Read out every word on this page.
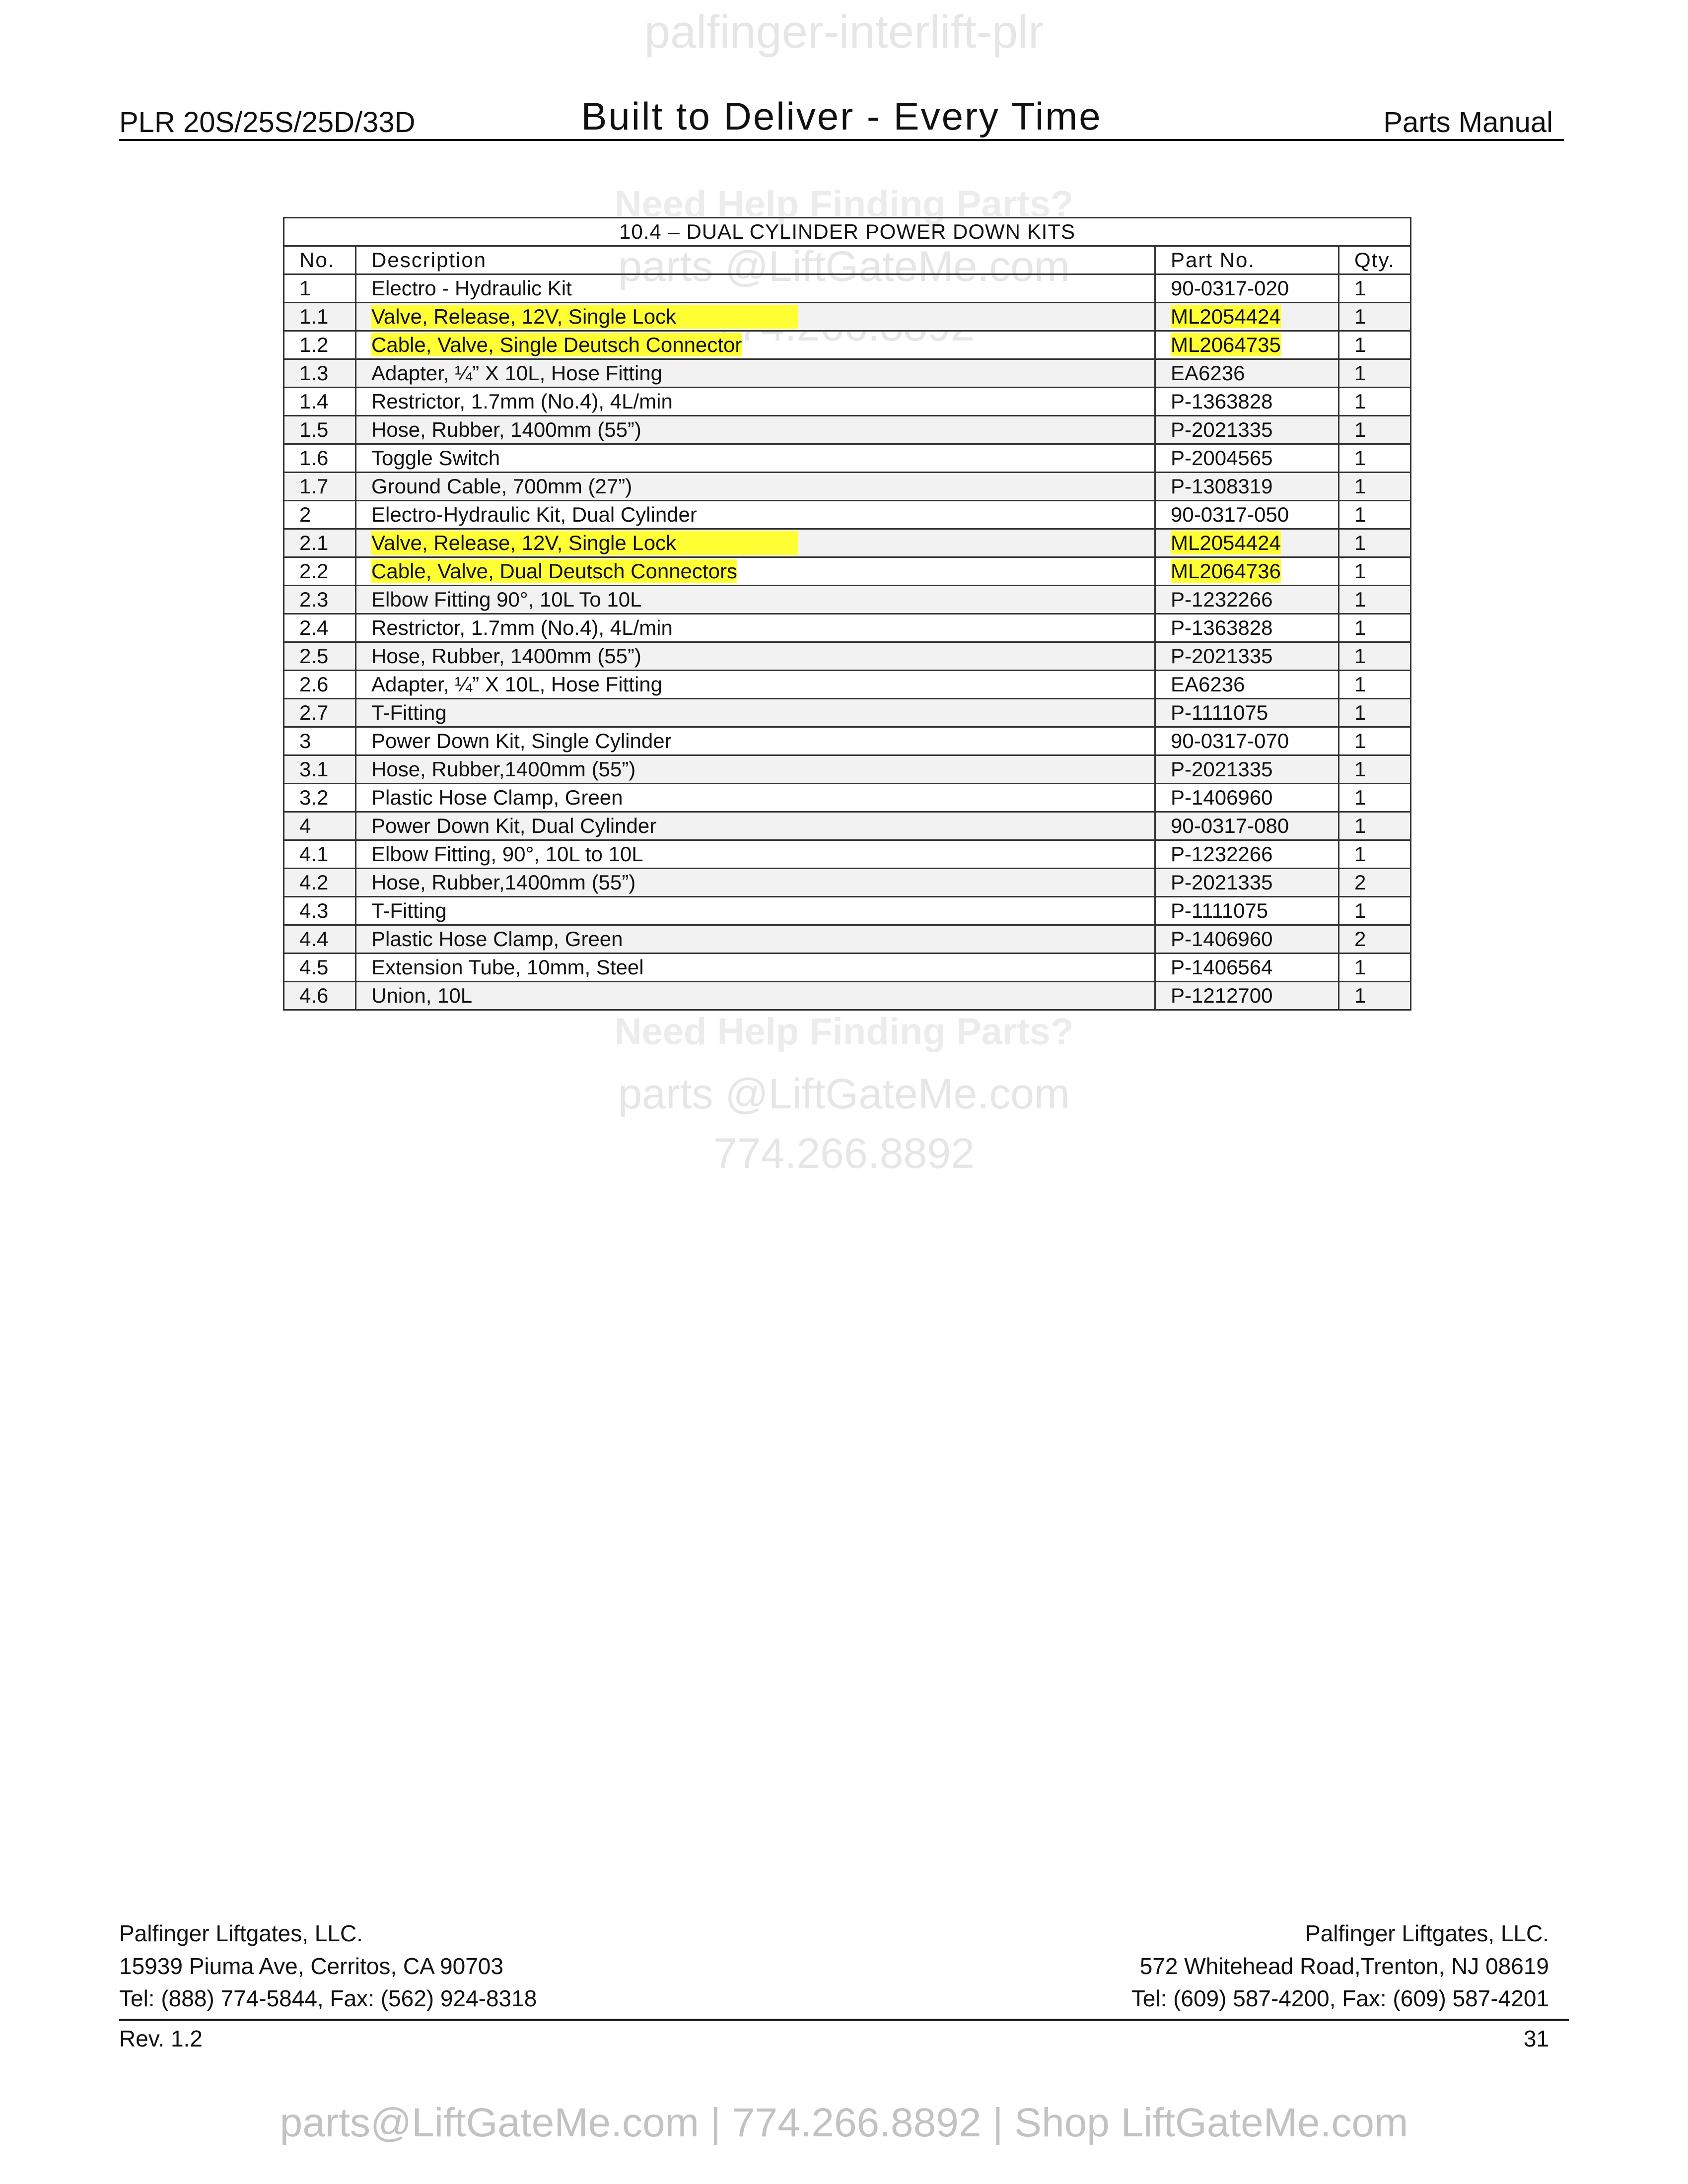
palfinger-interlift-plr
Need Help Finding Parts?
parts @LiftGateMe.com
Need Help Finding Parts?
parts @LiftGateMe.com
774.266.8892
PLR 20S/25S/25D/33D	Built to Deliver - Every Time	Parts Manual
10.4 – DUAL CYLINDER POWER DOWN KITS			
No.	Description	Part No.	Qty.
1	Electro - Hydraulic Kit	90-0317-020	1
1.1	Valve, Release, 12V, Single Lock	ML2054424	1
1.2	Cable, Valve, Single Deutsch Connector	ML2064735	1
1.3	Adapter, ¼” X 10L, Hose Fitting	EA6236	1
1.4	Restrictor, 1.7mm (No.4), 4L/min	P-1363828	1
1.5	Hose, Rubber, 1400mm (55”)	P-2021335	1
1.6	Toggle Switch	P-2004565	1
1.7	Ground Cable, 700mm (27”)	P-1308319	1
2	Electro-Hydraulic Kit, Dual Cylinder	90-0317-050	1
2.1	Valve, Release, 12V, Single Lock	ML2054424	1
2.2	Cable, Valve, Dual Deutsch Connectors	ML2064736	1
2.3	Elbow Fitting 90°, 10L To 10L	P-1232266	1
2.4	Restrictor, 1.7mm (No.4), 4L/min	P-1363828	1
2.5	Hose, Rubber, 1400mm (55”)	P-2021335	1
2.6	Adapter, ¼” X 10L, Hose Fitting	EA6236	1
2.7	T-Fitting	P-1111075	1
3	Power Down Kit, Single Cylinder	90-0317-070	1
3.1	Hose, Rubber,1400mm (55”)	P-2021335	1
3.2	Plastic Hose Clamp, Green	P-1406960	1
4	Power Down Kit, Dual Cylinder	90-0317-080	1
4.1	Elbow Fitting, 90°, 10L to 10L	P-1232266	1
4.2	Hose, Rubber,1400mm (55”)	P-2021335	2
4.3	T-Fitting	P-1111075	1
4.4	Plastic Hose Clamp, Green	P-1406960	2
4.5	Extension Tube, 10mm, Steel	P-1406564	1
4.6	Union, 10L	P-1212700	1
Palfinger Liftgates, LLC.	Palfinger Liftgates, LLC.
15939 Piuma Ave, Cerritos, CA 90703	572 Whitehead Road,Trenton, NJ 08619
Tel: (888) 774-5844, Fax: (562) 924-8318	Tel: (609) 587-4200, Fax: (609) 587-4201
Rev. 1.2	31
parts@LiftGateMe.com | 774.266.8892 | Shop LiftGateMe.com
